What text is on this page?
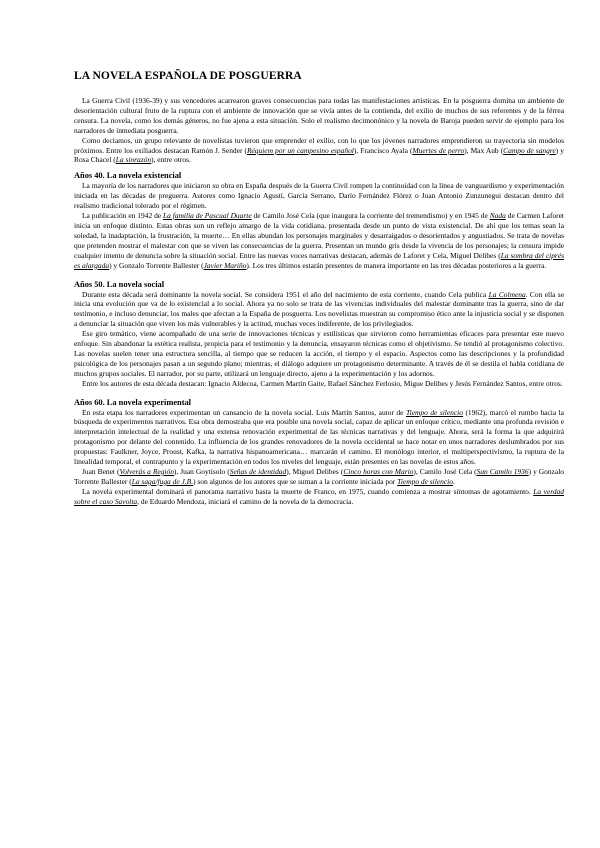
LA NOVELA ESPAÑOLA DE POSGUERRA

La Guerra Civil (1936-39) y sus vencedores acarrearon graves consecuencias para todas las manifestaciones artísticas. En la posguerra domina un ambiente de desorientación cultural fruto de la ruptura con el ambiente de innovación que se vivía antes de la contienda, del exilio de muchos de sus referentes y de la férrea censura. La novela, como los demás géneros, no fue ajena a esta situación. Solo el realismo decimonónico y la novela de Baroja pueden servir de ejemplo para los narradores de inmediata posguerra.

Como decíamos, un grupo relevante de novelistas tuvieron que emprender el exilio, con lo que los jóvenes narradores emprendieron su trayectoria sin modelos próximos. Entre los exiliados destacan Ramón J. Sender (Réquiem por un campesino español), Francisco Ayala (Muertes de perro), Max Aub (Campo de sangre) y Rosa Chacel (La sinrazón), entre otros.

Años 40. La novela existencial

La mayoría de los narradores que iniciaron su obra en España después de la Guerra Civil rompen la continuidad con la línea de vanguardismo y experimentación iniciada en las décadas de preguerra. Autores como Ignacio Agustí, García Serrano, Darío Fernández Flórez o Juan Antonio Zunzunegui destacan dentro del realismo tradicional tolerado por el régimen.

La publicación en 1942 de La familia de Pascual Duarte de Camilo José Cela (que inaugura la corriente del tremendismo) y en 1945 de Nada de Carmen Laforet inicia un enfoque distinto. Estas obras son un reflejo amargo de la vida cotidiana, presentada desde un punto de vista existencial. De ahí que los temas sean la soledad, la inadaptación, la frustración, la muerte… En ellas abundan los personajes marginales y desarraigados o desorientados y angustiados. Se trata de novelas que pretenden mostrar el malestar con que se viven las consecuencias de la guerra. Presentan un mundo gris desde la vivencia de los personajes; la censura impide cualquier intento de denuncia sobre la situación social. Entre las nuevas voces narrativas destacan, además de Laforet y Cela, Miguel Delibes (La sombra del ciprés es alargada) y Gonzalo Torrente Ballester (Javier Mariño). Los tres últimos estarán presentes de manera importante en las tres décadas posteriores a la guerra.

Años 50. La novela social

Durante esta década será dominante la novela social. Se considera 1951 el año del nacimiento de esta corriente, cuando Cela publica La Colmena. Con ella se inicia una evolución que va de lo existencial a lo social. Ahora ya no solo se trata de las vivencias individuales del malestar dominante tras la guerra, sino de dar testimonio, e incluso denunciar, los males que afectan a la España de posguerra. Los novelistas muestran su compromiso ético ante la injusticia social y se disponen a denunciar la situación que viven los más vulnerables y la actitud, muchas veces indiferente, de los privilegiados.

Ese giro temático, viene acompañado de una serie de innovaciones técnicas y estilísticas que sirvieron como herramientas eficaces para presentar este nuevo enfoque. Sin abandonar la estética realista, propicia para el testimonio y la denuncia, ensayaron técnicas como el objetivismo. Se tendió al protagonismo colectivo. Las novelas suelen tener una estructura sencilla, al tiempo que se reducen la acción, el tiempo y el espacio. Aspectos como las descripciones y la profundidad psicológica de los personajes pasan a un segundo plano; mientras, el diálogo adquiere un protagonismo determinante. A través de él se destila el habla cotidiana de muchos grupos sociales. El narrador, por su parte, utilizará un lenguaje directo, ajeno a la experimentación y los adornos.

Entre los autores de esta década destacan: Ignacio Aldecoa, Carmen Martín Gaite, Rafael Sánchez Ferlosio, Migue Delibes y Jesús Fernández Santos, entre otros.

Años 60. La novela experimental

En esta etapa los narradores experimentan un cansancio de la novela social. Luis Martín Santos, autor de Tiempo de silencio (1962), marcó el rumbo hacia la búsqueda de experimentos narrativos. Esa obra demostraba que era posible una novela social, capaz de aplicar un enfoque crítico, mediante una profunda revisión e interpretación intelectual de la realidad y una extensa renovación experimental de las técnicas narrativas y del lenguaje. Ahora, será la forma la que adquirirá protagonismo por delante del contenido. La influencia de los grandes renovadores de la novela occidental se hace notar en unos narradores deslumbrados por sus propuestas: Faulkner, Joyce, Proust, Kafka, la narrativa hispanoamericana… marcarán el camino. El monólogo interior, el multiperspectivismo, la ruptura de la linealidad temporal, el contrapunto y la experimentación en todos los niveles del lenguaje, están presentes en las novelas de estos años.

Juan Benet (Volverás a Región), Juan Goytisolo (Señas de identidad), Miguel Delibes (Cinco horas con Mario), Camilo José Cela (San Camilo 1936) y Gonzalo Torrente Ballester (La saga/fuga de J.B.) son algunos de los autores que se suman a la corriente iniciada por Tiempo de silencio.

La novela experimental dominará el panorama narrativo hasta la muerte de Franco, en 1975, cuando comienza a mostrar síntomas de agotamiento. La verdad sobre el caso Savolta, de Eduardo Mendoza, iniciará el camino de la novela de la democracia.
